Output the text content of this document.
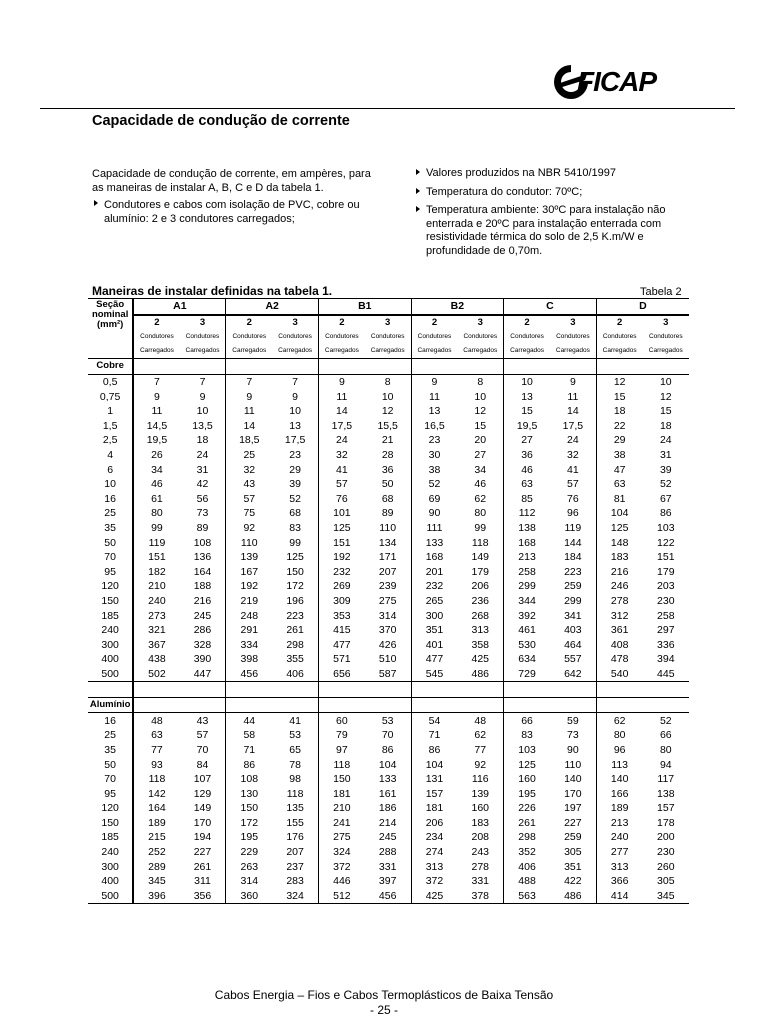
FICAP
Capacidade de condução de corrente

Capacidade de condução de corrente, em ampères, para as maneiras de instalar A, B, C e D da tabela 1.

Condutores e cabos com isolação de PVC, cobre ou alumínio: 2 e 3 condutores carregados;
Valores produzidos na NBR 5410/1997
Temperatura do condutor: 70ºC;
Temperatura ambiente: 30ºC para instalação não enterrada e 20ºC para instalação enterrada com resistividade térmica do solo de 2,5 K.m/W e profundidade de 0,70m.
Maneiras de instalar definidas na tabela 1.	Tabela 2
Seção
nominal
(mm²)	A1		A2		B1		B2		C		D	
	2	3	2	3	2	3	2	3	2	3	2	3
	Condutores
Carregados	Condutores
Carregados	Condutores
Carregados	Condutores
Carregados	Condutores
Carregados	Condutores
Carregados	Condutores
Carregados	Condutores
Carregados	Condutores
Carregados	Condutores
Carregados	Condutores
Carregados	Condutores
Carregados
Cobre												
0,5	7	7	7	7	9	8	9	8	10	9	12	10
0,75	9	9	9	9	11	10	11	10	13	11	15	12
1	11	10	11	10	14	12	13	12	15	14	18	15
1,5	14,5	13,5	14	13	17,5	15,5	16,5	15	19,5	17,5	22	18
2,5	19,5	18	18,5	17,5	24	21	23	20	27	24	29	24
4	26	24	25	23	32	28	30	27	36	32	38	31
6	34	31	32	29	41	36	38	34	46	41	47	39
10	46	42	43	39	57	50	52	46	63	57	63	52
16	61	56	57	52	76	68	69	62	85	76	81	67
25	80	73	75	68	101	89	90	80	112	96	104	86
35	99	89	92	83	125	110	111	99	138	119	125	103
50	119	108	110	99	151	134	133	118	168	144	148	122
70	151	136	139	125	192	171	168	149	213	184	183	151
95	182	164	167	150	232	207	201	179	258	223	216	179
120	210	188	192	172	269	239	232	206	299	259	246	203
150	240	216	219	196	309	275	265	236	344	299	278	230
185	273	245	248	223	353	314	300	268	392	341	312	258
240	321	286	291	261	415	370	351	313	461	403	361	297
300	367	328	334	298	477	426	401	358	530	464	408	336
400	438	390	398	355	571	510	477	425	634	557	478	394
500	502	447	456	406	656	587	545	486	729	642	540	445

Alumínio												
16	48	43	44	41	60	53	54	48	66	59	62	52
25	63	57	58	53	79	70	71	62	83	73	80	66
35	77	70	71	65	97	86	86	77	103	90	96	80
50	93	84	86	78	118	104	104	92	125	110	113	94
70	118	107	108	98	150	133	131	116	160	140	140	117
95	142	129	130	118	181	161	157	139	195	170	166	138
120	164	149	150	135	210	186	181	160	226	197	189	157
150	189	170	172	155	241	214	206	183	261	227	213	178
185	215	194	195	176	275	245	234	208	298	259	240	200
240	252	227	229	207	324	288	274	243	352	305	277	230
300	289	261	263	237	372	331	313	278	406	351	313	260
400	345	311	314	283	446	397	372	331	488	422	366	305
500	396	356	360	324	512	456	425	378	563	486	414	345
Cabos Energia – Fios e Cabos Termoplásticos de Baixa Tensão
- 25 -
